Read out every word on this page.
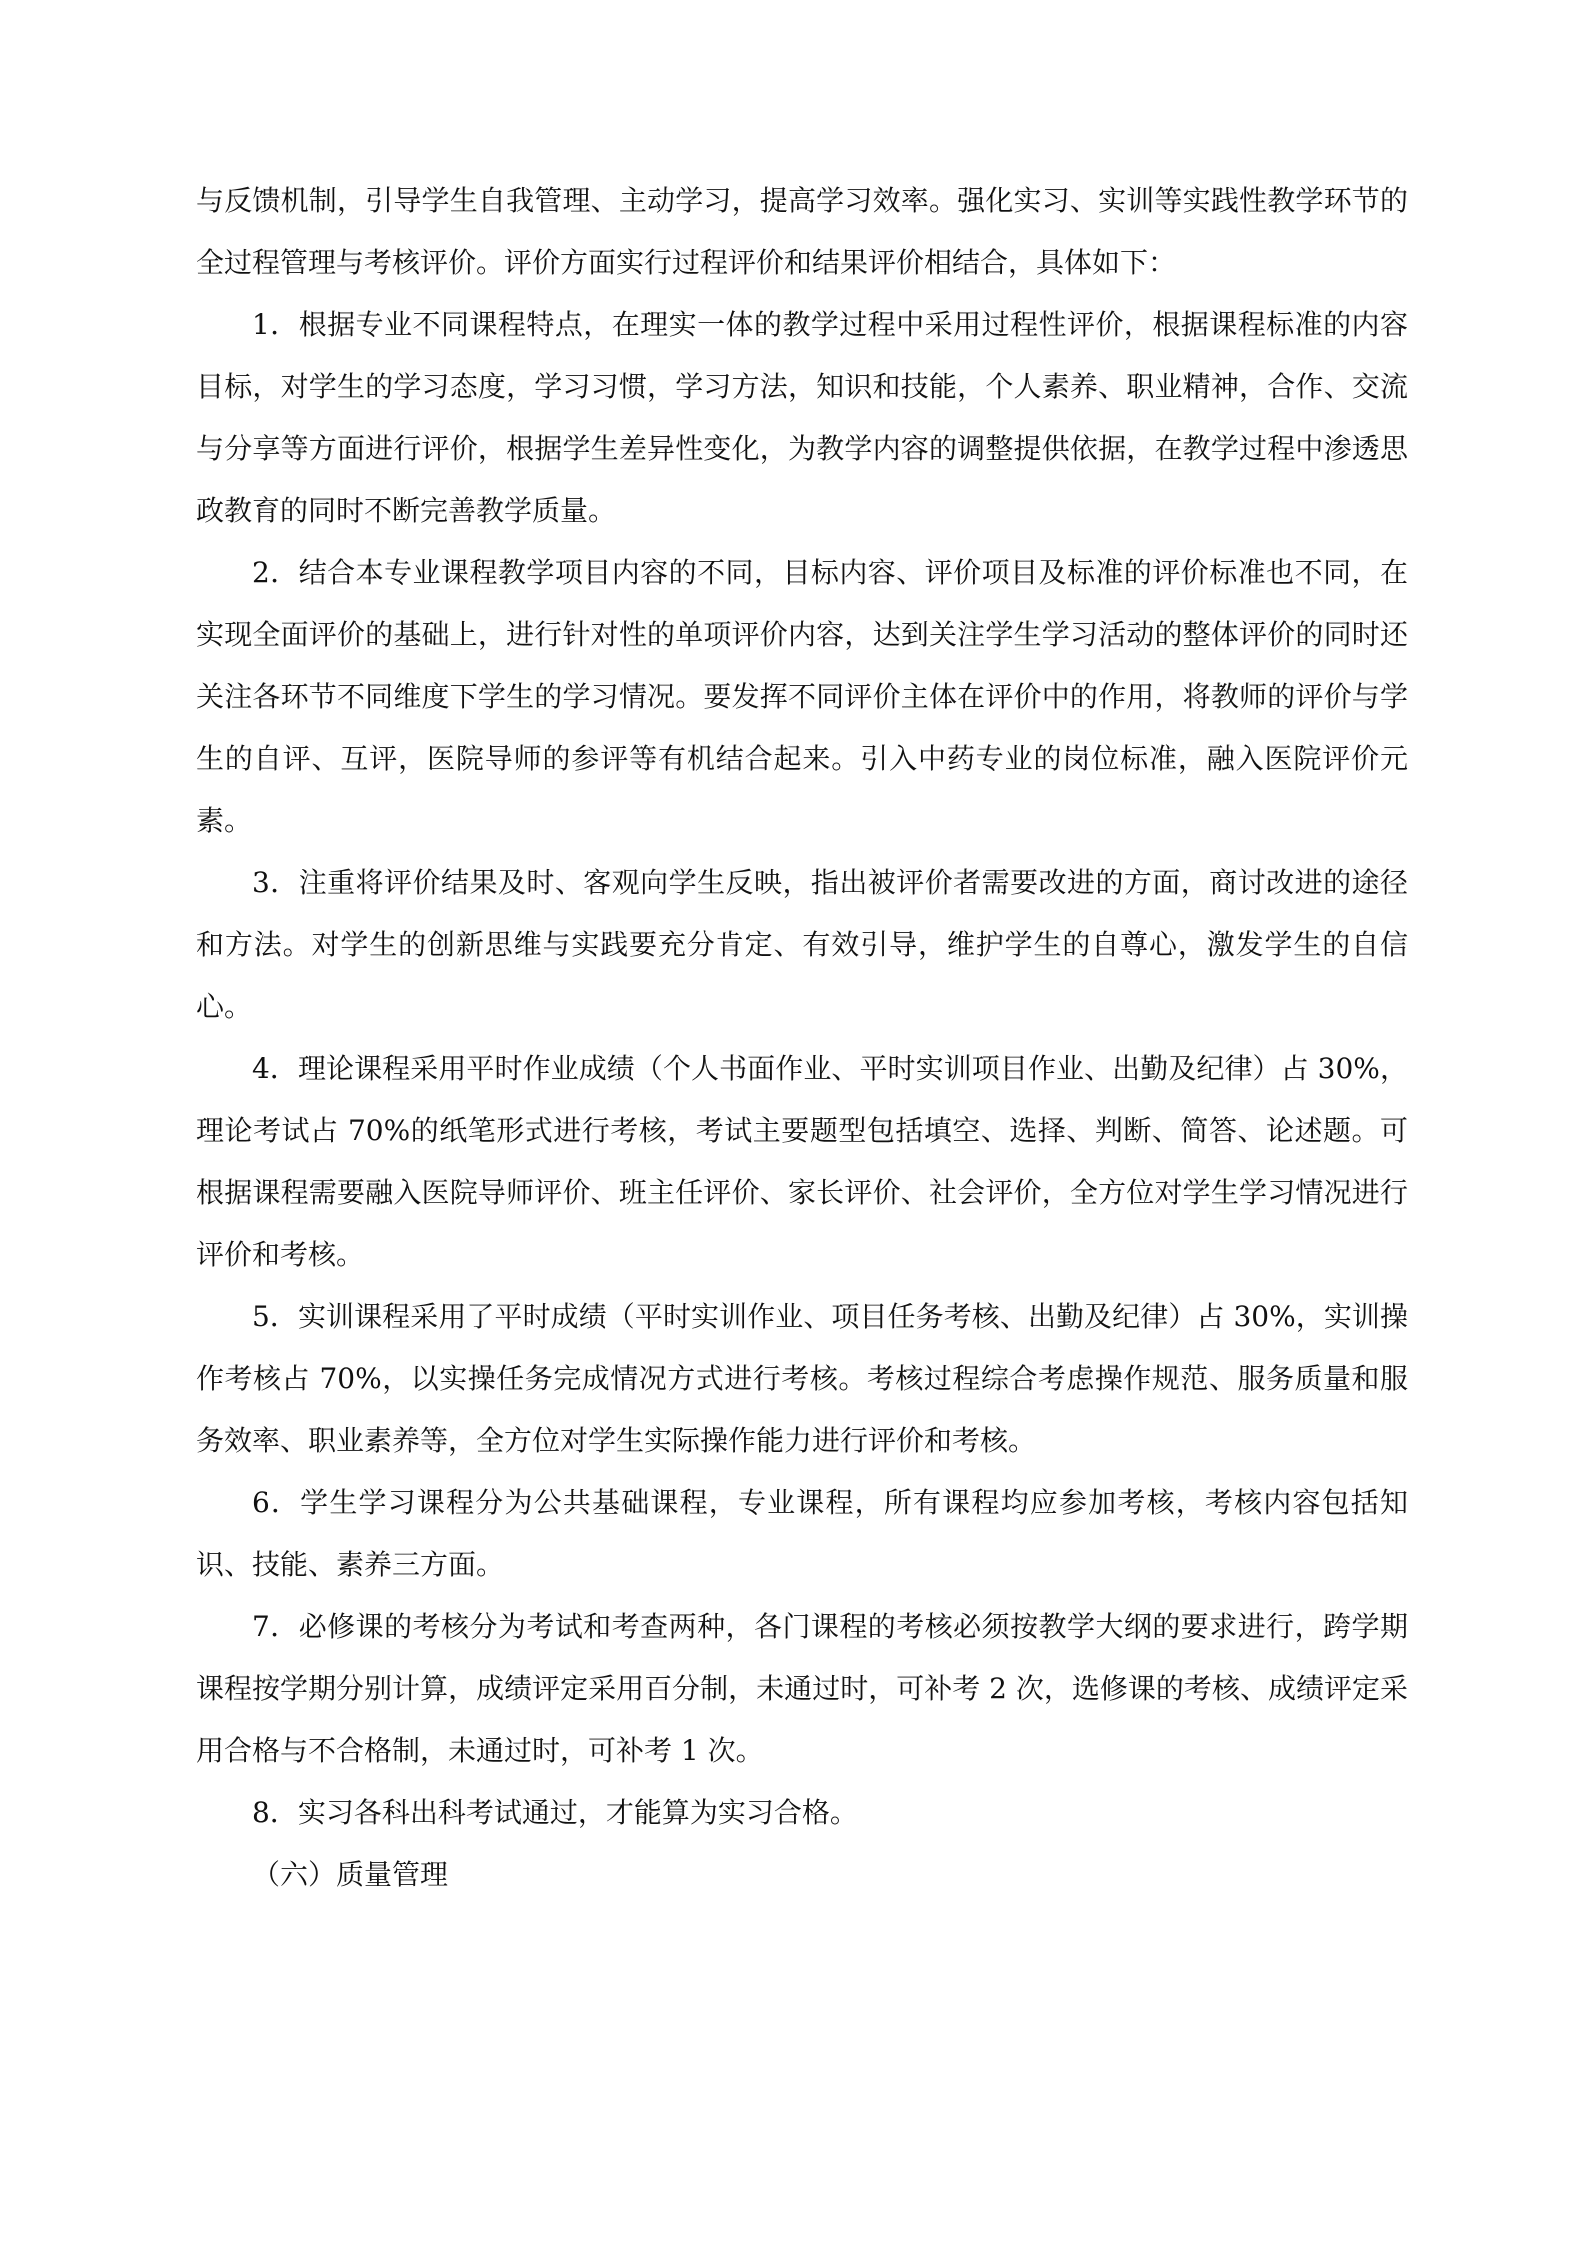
与反馈机制，引导学生自我管理、主动学习，提高学习效率。强化实习、实训等实践性教学环节的全过程管理与考核评价。评价方面实行过程评价和结果评价相结合，具体如下：

1．根据专业不同课程特点，在理实一体的教学过程中采用过程性评价，根据课程标准的内容目标，对学生的学习态度，学习习惯，学习方法，知识和技能，个人素养、职业精神，合作、交流与分享等方面进行评价，根据学生差异性变化，为教学内容的调整提供依据，在教学过程中渗透思政教育的同时不断完善教学质量。

2．结合本专业课程教学项目内容的不同，目标内容、评价项目及标准的评价标准也不同，在实现全面评价的基础上，进行针对性的单项评价内容，达到关注学生学习活动的整体评价的同时还关注各环节不同维度下学生的学习情况。要发挥不同评价主体在评价中的作用，将教师的评价与学生的自评、互评，医院导师的参评等有机结合起来。引入中药专业的岗位标准，融入医院评价元素。

3．注重将评价结果及时、客观向学生反映，指出被评价者需要改进的方面，商讨改进的途径和方法。对学生的创新思维与实践要充分肯定、有效引导，维护学生的自尊心，激发学生的自信心。

4．理论课程采用平时作业成绩（个人书面作业、平时实训项目作业、出勤及纪律）占 30%，理论考试占 70%的纸笔形式进行考核，考试主要题型包括填空、选择、判断、简答、论述题。可根据课程需要融入医院导师评价、班主任评价、家长评价、社会评价，全方位对学生学习情况进行评价和考核。

5．实训课程采用了平时成绩（平时实训作业、项目任务考核、出勤及纪律）占 30%，实训操作考核占 70%，以实操任务完成情况方式进行考核。考核过程综合考虑操作规范、服务质量和服务效率、职业素养等，全方位对学生实际操作能力进行评价和考核。

6．学生学习课程分为公共基础课程，专业课程，所有课程均应参加考核，考核内容包括知识、技能、素养三方面。

7．必修课的考核分为考试和考查两种，各门课程的考核必须按教学大纲的要求进行，跨学期课程按学期分别计算，成绩评定采用百分制，未通过时，可补考 2 次，选修课的考核、成绩评定采用合格与不合格制，未通过时，可补考 1 次。

8．实习各科出科考试通过，才能算为实习合格。

（六）质量管理
